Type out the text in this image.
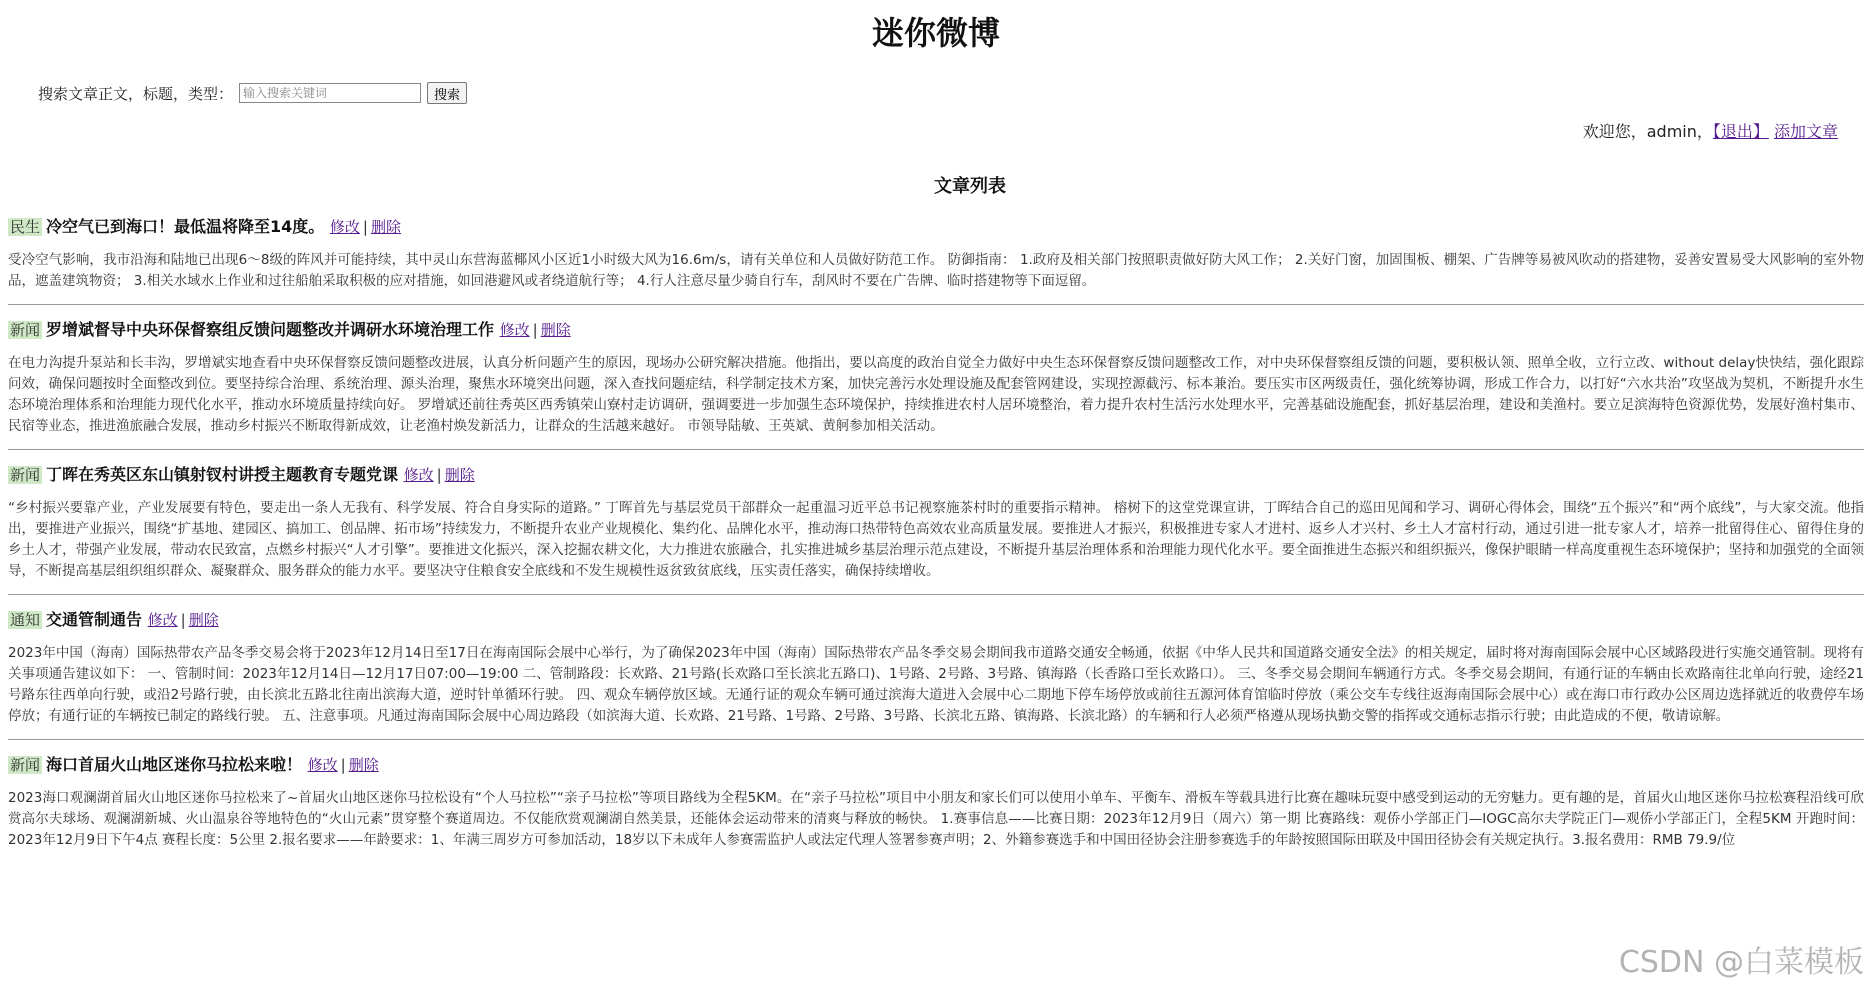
迷你微博
搜索文章正文，标题，类型：
输入搜索关键词	搜索
欢迎您，admin，【退出】 添加文章
文章列表
民生 冷空气已到海口！最低温将降至14度。 修改 | 删除
受冷空气影响，我市沿海和陆地已出现6～8级的阵风并可能持续，其中灵山东营海蓝椰风小区近1小时级大风为16.6m/s，请有关单位和人员做好防范工作。 防御指南： 1.政府及相关部门按照职责做好防大风工作； 2.关好门窗，加固围板、棚架、广告牌等易被风吹动的搭建物，妥善安置易受大风影响的室外物品，遮盖建筑物资； 3.相关水域水上作业和过往船舶采取积极的应对措施，如回港避风或者绕道航行等； 4.行人注意尽量少骑自行车，刮风时不要在广告牌、临时搭建物等下面逗留。
新闻 罗增斌督导中央环保督察组反馈问题整改并调研水环境治理工作 修改 | 删除
在电力沟提升泵站和长丰沟，罗增斌实地查看中央环保督察反馈问题整改进展，认真分析问题产生的原因，现场办公研究解决措施。他指出，要以高度的政治自觉全力做好中央生态环保督察反馈问题整改工作，对中央环保督察组反馈的问题，要积极认领、照单全收，立行立改、without delay快快结，强化跟踪问效，确保问题按时全面整改到位。要坚持综合治理、系统治理、源头治理，聚焦水环境突出问题，深入查找问题症结，科学制定技术方案，加快完善污水处理设施及配套管网建设，实现控源截污、标本兼治。要压实市区两级责任，强化统筹协调，形成工作合力，以打好“六水共治”攻坚战为契机，不断提升水生态环境治理体系和治理能力现代化水平，推动水环境质量持续向好。 罗增斌还前往秀英区西秀镇荣山寮村走访调研，强调要进一步加强生态环境保护，持续推进农村人居环境整治，着力提升农村生活污水处理水平，完善基础设施配套，抓好基层治理，建设和美渔村。要立足滨海特色资源优势，发展好渔村集市、民宿等业态，推进渔旅融合发展，推动乡村振兴不断取得新成效，让老渔村焕发新活力，让群众的生活越来越好。 市领导陆敏、王英斌、黄舸参加相关活动。
新闻 丁晖在秀英区东山镇射钗村讲授主题教育专题党课 修改 | 删除
“乡村振兴要靠产业，产业发展要有特色，要走出一条人无我有、科学发展、符合自身实际的道路。” 丁晖首先与基层党员干部群众一起重温习近平总书记视察施茶村时的重要指示精神。 榕树下的这堂党课宣讲，丁晖结合自己的巡田见闻和学习、调研心得体会，围绕“五个振兴”和“两个底线”，与大家交流。他指出，要推进产业振兴，围绕“扩基地、建园区、搞加工、创品牌、拓市场”持续发力，不断提升农业产业规模化、集约化、品牌化水平，推动海口热带特色高效农业高质量发展。要推进人才振兴，积极推进专家人才进村、返乡人才兴村、乡土人才富村行动，通过引进一批专家人才，培养一批留得住心、留得住身的乡土人才，带强产业发展，带动农民致富，点燃乡村振兴“人才引擎”。要推进文化振兴，深入挖掘农耕文化，大力推进农旅融合，扎实推进城乡基层治理示范点建设，不断提升基层治理体系和治理能力现代化水平。要全面推进生态振兴和组织振兴，像保护眼睛一样高度重视生态环境保护；坚持和加强党的全面领导，不断提高基层组织组织群众、凝聚群众、服务群众的能力水平。要坚决守住粮食安全底线和不发生规模性返贫致贫底线，压实责任落实，确保持续增收。
通知 交通管制通告 修改 | 删除
2023年中国（海南）国际热带农产品冬季交易会将于2023年12月14日至17日在海南国际会展中心举行，为了确保2023年中国（海南）国际热带农产品冬季交易会期间我市道路交通安全畅通，依据《中华人民共和国道路交通安全法》的相关规定，届时将对海南国际会展中心区域路段进行实施交通管制。现将有关事项通告建议如下： 一、管制时间：2023年12月14日—12月17日07:00—19:00 二、管制路段：长欢路、21号路(长欢路口至长滨北五路口)、1号路、2号路、3号路、镇海路（长香路口至长欢路口）。 三、冬季交易会期间车辆通行方式。冬季交易会期间，有通行证的车辆由长欢路南往北单向行驶，途经21号路东往西单向行驶，或沿2号路行驶，由长滨北五路北往南出滨海大道，逆时针单循环行驶。 四、观众车辆停放区域。无通行证的观众车辆可通过滨海大道进入会展中心二期地下停车场停放或前往五源河体育馆临时停放（乘公交车专线往返海南国际会展中心）或在海口市行政办公区周边选择就近的收费停车场停放；有通行证的车辆按已制定的路线行驶。 五、注意事项。凡通过海南国际会展中心周边路段（如滨海大道、长欢路、21号路、1号路、2号路、3号路、长滨北五路、镇海路、长滨北路）的车辆和行人必须严格遵从现场执勤交警的指挥或交通标志指示行驶；由此造成的不便，敬请谅解。
新闻 海口首届火山地区迷你马拉松来啦！ 修改 | 删除
2023海口观澜湖首届火山地区迷你马拉松来了~首届火山地区迷你马拉松设有“个人马拉松”“亲子马拉松”等项目路线为全程5KM。在“亲子马拉松”项目中小朋友和家长们可以使用小单车、平衡车、滑板车等载具进行比赛在趣味玩耍中感受到运动的无穷魅力。更有趣的是，首届火山地区迷你马拉松赛程沿线可欣赏高尔夫球场、观澜湖新城、火山温泉谷等地特色的“火山元素”贯穿整个赛道周边。不仅能欣赏观澜湖自然美景，还能体会运动带来的清爽与释放的畅快。 1.赛事信息——比赛日期：2023年12月9日（周六）第一期 比赛路线：观侨小学部正门—IOGC高尔夫学院正门—观侨小学部正门，全程5KM 开跑时间：2023年12月9日下午4点 赛程长度：5公里 2.报名要求——年龄要求：1、年满三周岁方可参加活动，18岁以下未成年人参赛需监护人或法定代理人签署参赛声明；2、外籍参赛选手和中国田径协会注册参赛选手的年龄按照国际田联及中国田径协会有关规定执行。3.报名费用：RMB 79.9/位
CSDN @白菜模板
